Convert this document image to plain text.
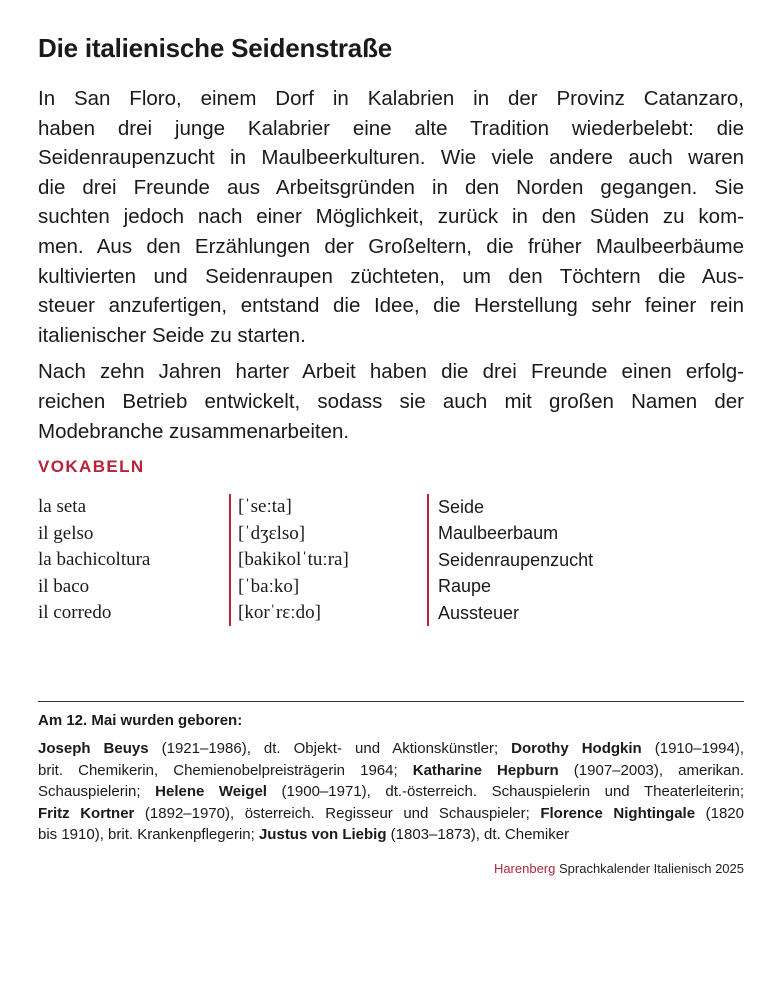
Die italienische Seidenstraße

In San Floro, einem Dorf in Kalabrien in der Provinz Catanzaro,
haben drei junge Kalabrier eine alte Tradition wiederbelebt: die
Seidenraupenzucht in Maulbeerkulturen. Wie viele andere auch waren
die drei Freunde aus Arbeitsgründen in den Norden gegangen. Sie
suchten jedoch nach einer Möglichkeit, zurück in den Süden zu kom-
men. Aus den Erzählungen der Großeltern, die früher Maulbeerbäume
kultivierten und Seidenraupen züchteten, um den Töchtern die Aus-
steuer anzufertigen, entstand die Idee, die Herstellung sehr feiner rein
italienischer Seide zu starten.

Nach zehn Jahren harter Arbeit haben die drei Freunde einen erfolg-
reichen Betrieb entwickelt, sodass sie auch mit großen Namen der
Modebranche zusammenarbeiten.

VOKABELN
la seta	[ˈseːta]	Seide
il gelso	[ˈdʒɛlso]	Maulbeerbaum
la bachicoltura	[bakikolˈtuːra]	Seidenraupenzucht
il baco	[ˈbaːko]	Raupe
il corredo	[korˈrɛːdo]	Aussteuer
Am 12. Mai wurden geboren:

Joseph Beuys (1921–1986), dt. Objekt- und Aktionskünstler; Dorothy Hodgkin (1910–1994),
brit. Chemikerin, Chemienobelpreisträgerin 1964; Katharine Hepburn (1907–2003), amerikan.
Schauspielerin; Helene Weigel (1900–1971), dt.-österreich. Schauspielerin und Theaterleiterin;
Fritz Kortner (1892–1970), österreich. Regisseur und Schauspieler; Florence Nightingale (1820
bis 1910), brit. Krankenpflegerin; Justus von Liebig (1803–1873), dt. Chemiker

Harenberg Sprachkalender Italienisch 2025
